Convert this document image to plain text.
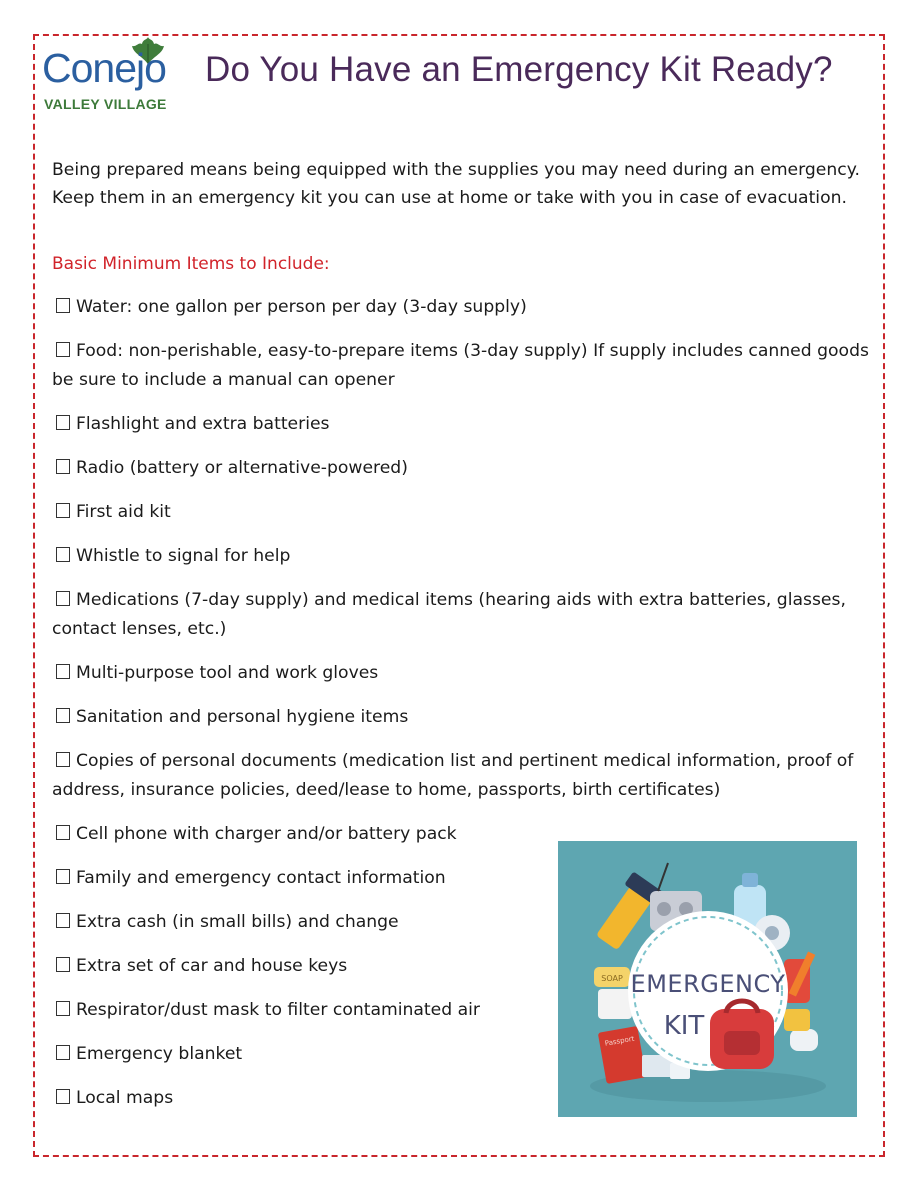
Conejo
VALLEY VILLAGE
Do You Have an Emergency Kit Ready?
Being prepared means being equipped with the supplies you may need during an emergency. Keep them in an emergency kit you can use at home or take with you in case of evacuation.
Basic Minimum Items to Include:
Water: one gallon per person per day (3-day supply)
Food: non-perishable, easy-to-prepare items (3-day supply) If supply includes canned goods be sure to include a manual can opener
Flashlight and extra batteries
Radio (battery or alternative-powered)
First aid kit
Whistle to signal for help
Medications (7-day supply) and medical items (hearing aids with extra batteries, glasses, contact lenses, etc.)
Multi-purpose tool and work gloves
Sanitation and personal hygiene items
Copies of personal documents (medication list and pertinent medical information, proof of address, insurance policies, deed/lease to home, passports, birth certificates)
Cell phone with charger and/or battery pack
Family and emergency contact information
Extra cash (in small bills) and change
Extra set of car and house keys
Respirator/dust mask to filter contaminated air
Emergency blanket
Local maps
SOAP
Passport
EMERGENCY
KIT
